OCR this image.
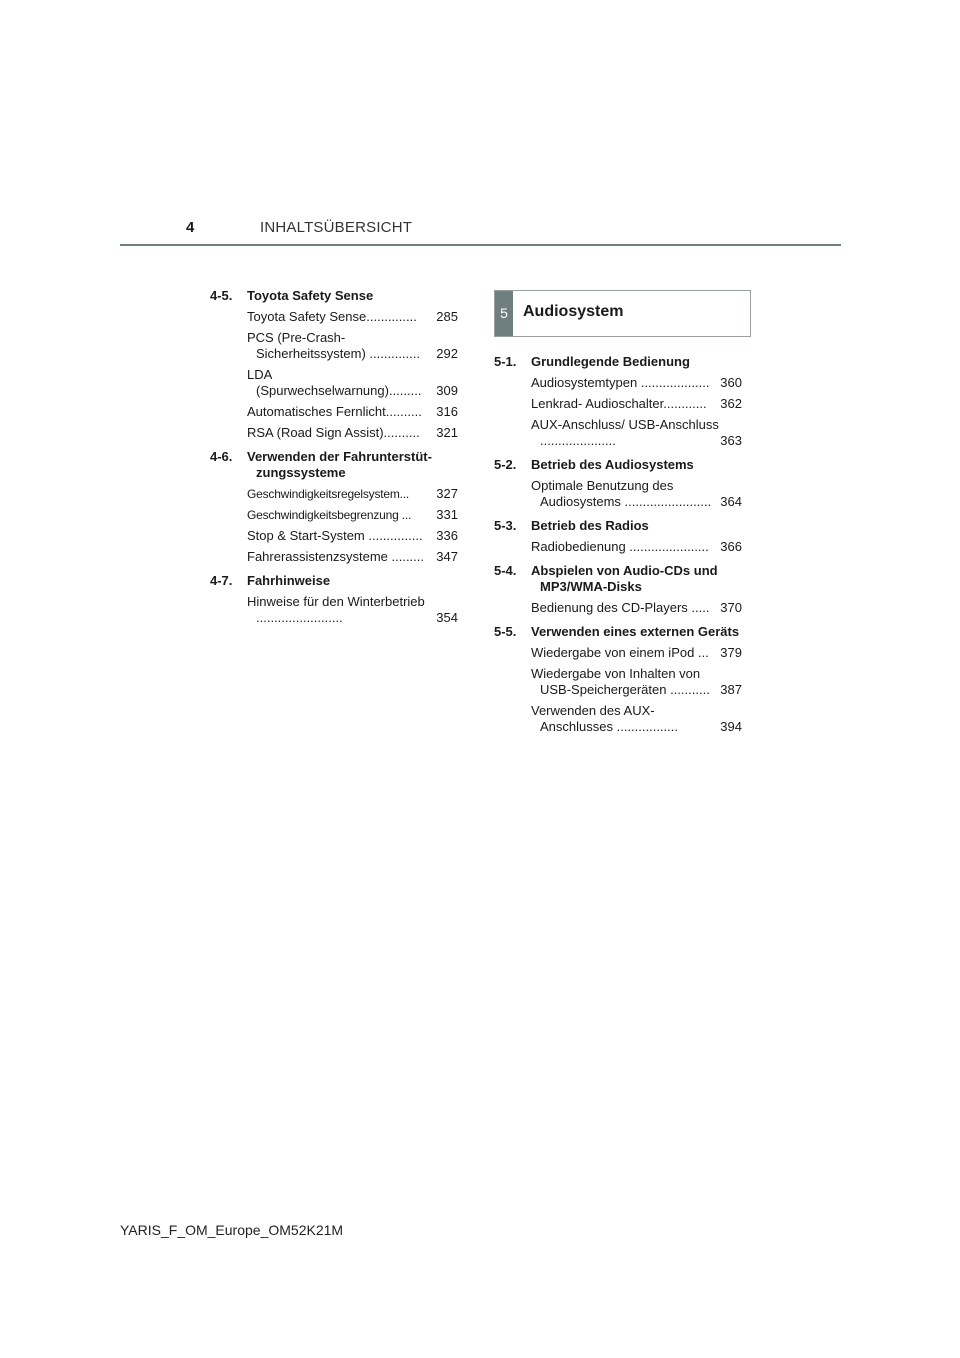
4	INHALTSÜBERSICHT
4-5.	Toyota Safety Sense
Toyota Safety Sense..............	285
PCS (Pre-Crash-Sicherheitssystem) ..............	292
LDA (Spurwechselwarnung).........	309
Automatisches Fernlicht..........	316
RSA (Road Sign Assist)..........	321
4-6.	Verwenden der Fahrunterstüt-zungssysteme
Geschwindigkeitsregelsystem...	327
Geschwindigkeitsbegrenzung ...	331
Stop & Start-System ...............	336
Fahrerassistenzsysteme ......... 347
4-7.	Fahrhinweise
Hinweise für den Winterbetrieb ........................	354
5 Audiosystem
5-1.	Grundlegende Bedienung
Audiosystemtypen ................... 360
Lenkrad- Audioschalter............	362
AUX-Anschluss/ USB-Anschluss .....................	363
5-2.	Betrieb des Audiosystems
Optimale Benutzung des Audiosystems ........................ 364
5-3.	Betrieb des Radios
Radiobedienung ...................... 366
5-4.	Abspielen von Audio-CDs und MP3/WMA-Disks
Bedienung des CD-Players ..... 370
5-5.	Verwenden eines externen Geräts
Wiedergabe von einem iPod ... 379
Wiedergabe von Inhalten von USB-Speichergeräten ........... 387
Verwenden des AUX-Anschlusses .................	394
YARIS_F_OM_Europe_OM52K21M
